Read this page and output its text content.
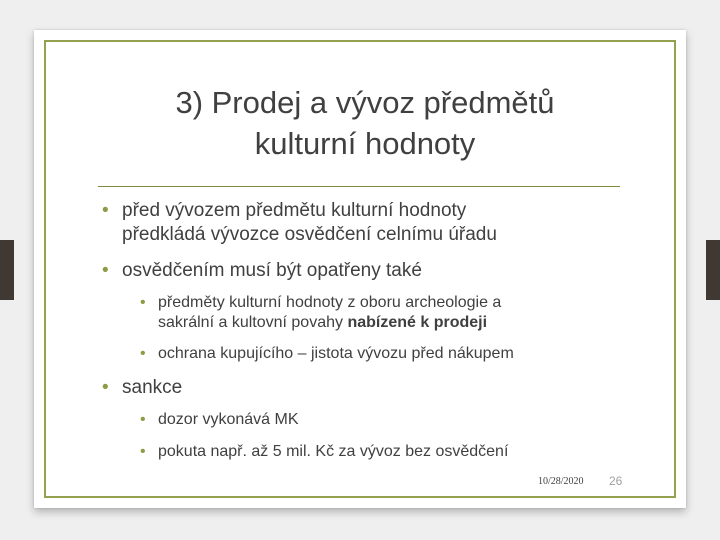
3) Prodej a vývoz předmětů
kulturní hodnoty
• před vývozem předmětu kulturní hodnoty
předkládá vývozce osvědčení celnímu úřadu
• osvědčením musí být opatřeny také
• předměty kulturní hodnoty z oboru archeologie a
sakrální a kultovní povahy nabízené k prodeji
• ochrana kupujícího – jistota vývozu před nákupem
• sankce
• dozor vykonává MK
• pokuta např. až 5 mil. Kč za vývoz bez osvědčení
10/28/2020 26
